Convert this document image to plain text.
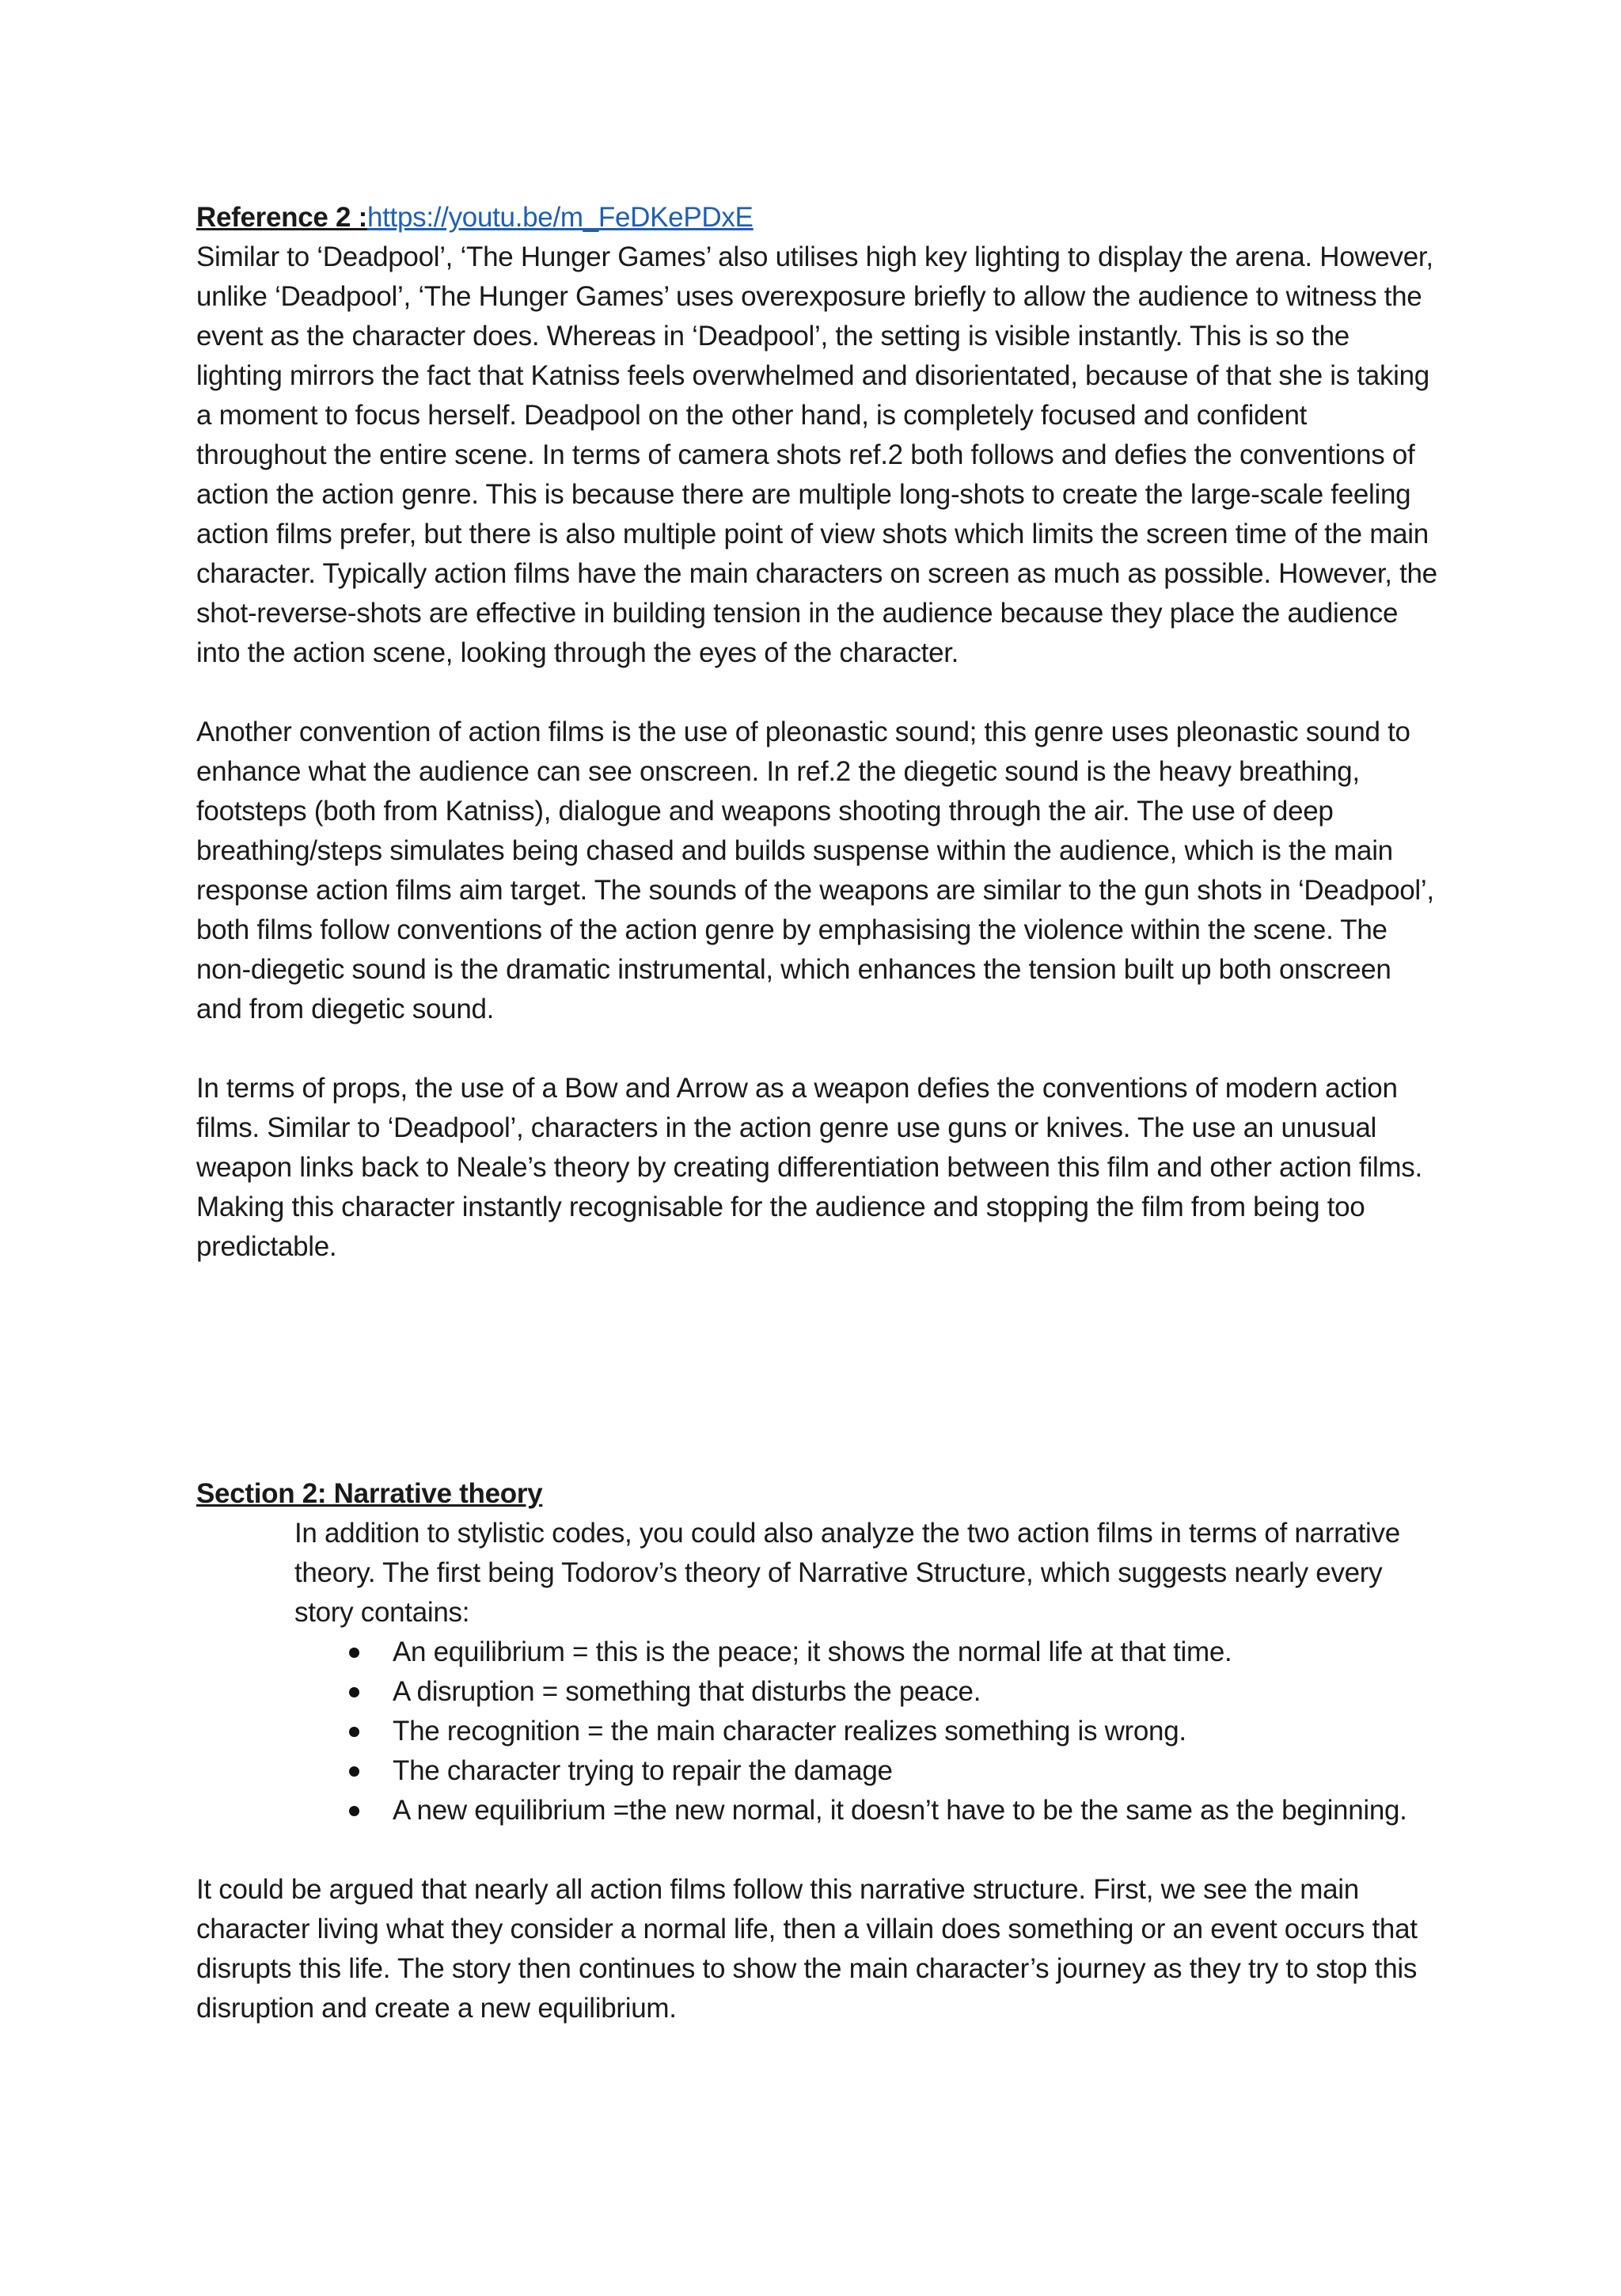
Reference 2 :https://youtu.be/m_FeDKePDxE

Similar to ‘Deadpool’, ‘The Hunger Games’ also utilises high key lighting to display the arena. However, unlike ‘Deadpool’, ‘The Hunger Games’ uses overexposure briefly to allow the audience to witness the event as the character does. Whereas in ‘Deadpool’, the setting is visible instantly. This is so the lighting mirrors the fact that Katniss feels overwhelmed and disorientated, because of that she is taking a moment to focus herself. Deadpool on the other hand, is completely focused and confident throughout the entire scene. In terms of camera shots ref.2 both follows and defies the conventions of action the action genre. This is because there are multiple long-shots to create the large-scale feeling action films prefer, but there is also multiple point of view shots which limits the screen time of the main character. Typically action films have the main characters on screen as much as possible. However, the shot-reverse-shots are effective in building tension in the audience because they place the audience into the action scene, looking through the eyes of the character.

Another convention of action films is the use of pleonastic sound; this genre uses pleonastic sound to enhance what the audience can see onscreen. In ref.2 the diegetic sound is the heavy breathing, footsteps (both from Katniss), dialogue and weapons shooting through the air. The use of deep breathing/steps simulates being chased and builds suspense within the audience, which is the main response action films aim target. The sounds of the weapons are similar to the gun shots in ‘Deadpool’, both films follow conventions of the action genre by emphasising the violence within the scene. The non-diegetic sound is the dramatic instrumental, which enhances the tension built up both onscreen and from diegetic sound.

In terms of props, the use of a Bow and Arrow as a weapon defies the conventions of modern action films. Similar to ‘Deadpool’, characters in the action genre use guns or knives. The use an unusual weapon links back to Neale’s theory by creating differentiation between this film and other action films. Making this character instantly recognisable for the audience and stopping the film from being too predictable.

Section 2: Narrative theory

In addition to stylistic codes, you could also analyze the two action films in terms of narrative theory. The first being Todorov’s theory of Narrative Structure, which suggests nearly every story contains:

An equilibrium = this is the peace; it shows the normal life at that time.
A disruption = something that disturbs the peace.
The recognition = the main character realizes something is wrong.
The character trying to repair the damage
A new equilibrium =the new normal, it doesn’t have to be the same as the beginning.

It could be argued that nearly all action films follow this narrative structure. First, we see the main character living what they consider a normal life, then a villain does something or an event occurs that disrupts this life. The story then continues to show the main character’s journey as they try to stop this disruption and create a new equilibrium.
